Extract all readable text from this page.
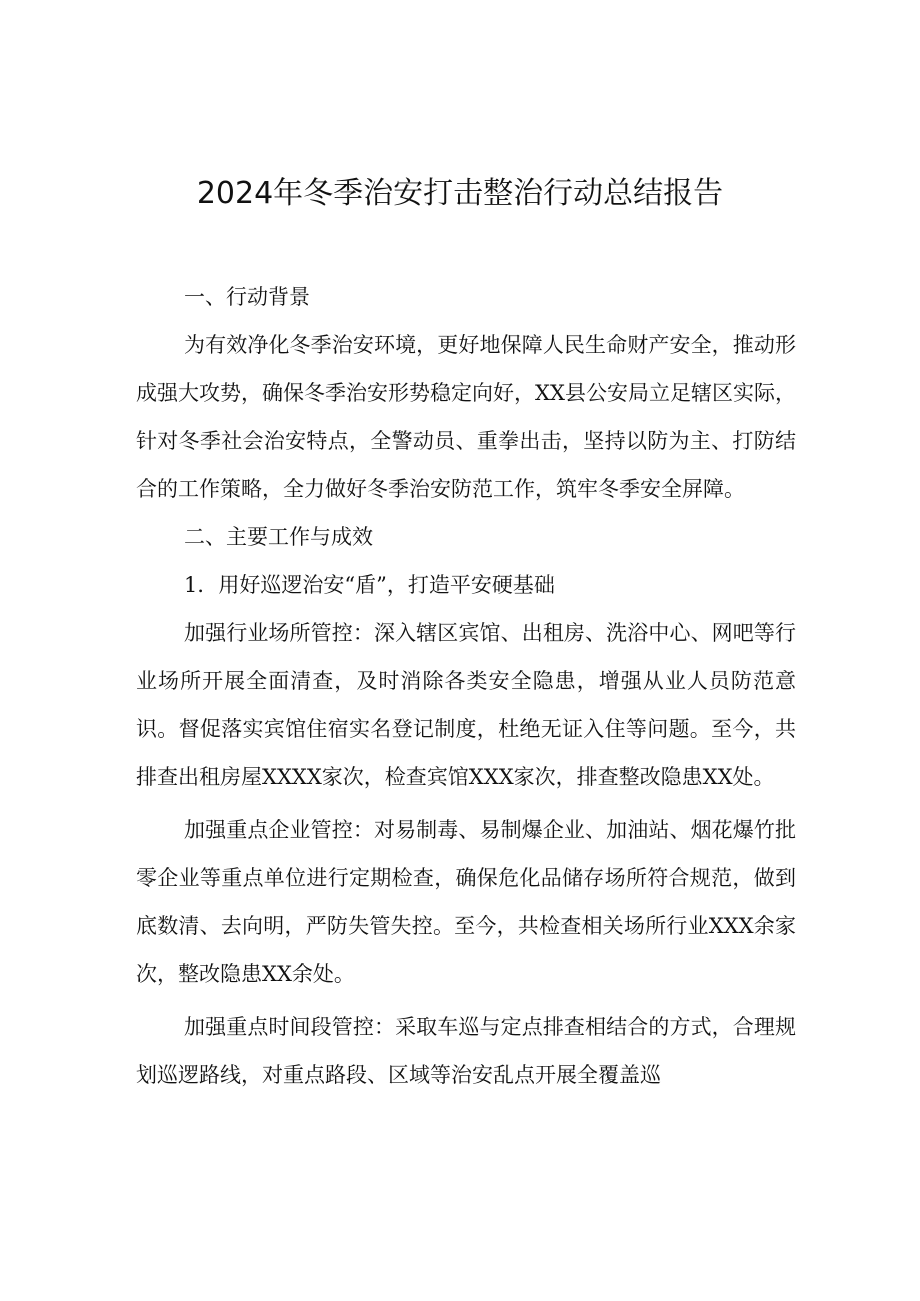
2024年冬季治安打击整治行动总结报告

一、行动背景

为有效净化冬季治安环境，更好地保障人民生命财产安全，推动形成强大攻势，确保冬季治安形势稳定向好，XX县公安局立足辖区实际，针对冬季社会治安特点，全警动员、重拳出击，坚持以防为主、打防结合的工作策略，全力做好冬季治安防范工作，筑牢冬季安全屏障。

二、主要工作与成效

1．用好巡逻治安“盾”，打造平安硬基础

加强行业场所管控：深入辖区宾馆、出租房、洗浴中心、网吧等行业场所开展全面清查，及时消除各类安全隐患，增强从业人员防范意识。督促落实宾馆住宿实名登记制度，杜绝无证入住等问题。至今，共排查出租房屋XXXX家次，检查宾馆XXX家次，排查整改隐患XX处。

加强重点企业管控：对易制毒、易制爆企业、加油站、烟花爆竹批零企业等重点单位进行定期检查，确保危化品储存场所符合规范，做到底数清、去向明，严防失管失控。至今，共检查相关场所行业XXX余家次，整改隐患XX余处。

加强重点时间段管控：采取车巡与定点排查相结合的方式，合理规划巡逻路线，对重点路段、区域等治安乱点开展全覆盖巡
